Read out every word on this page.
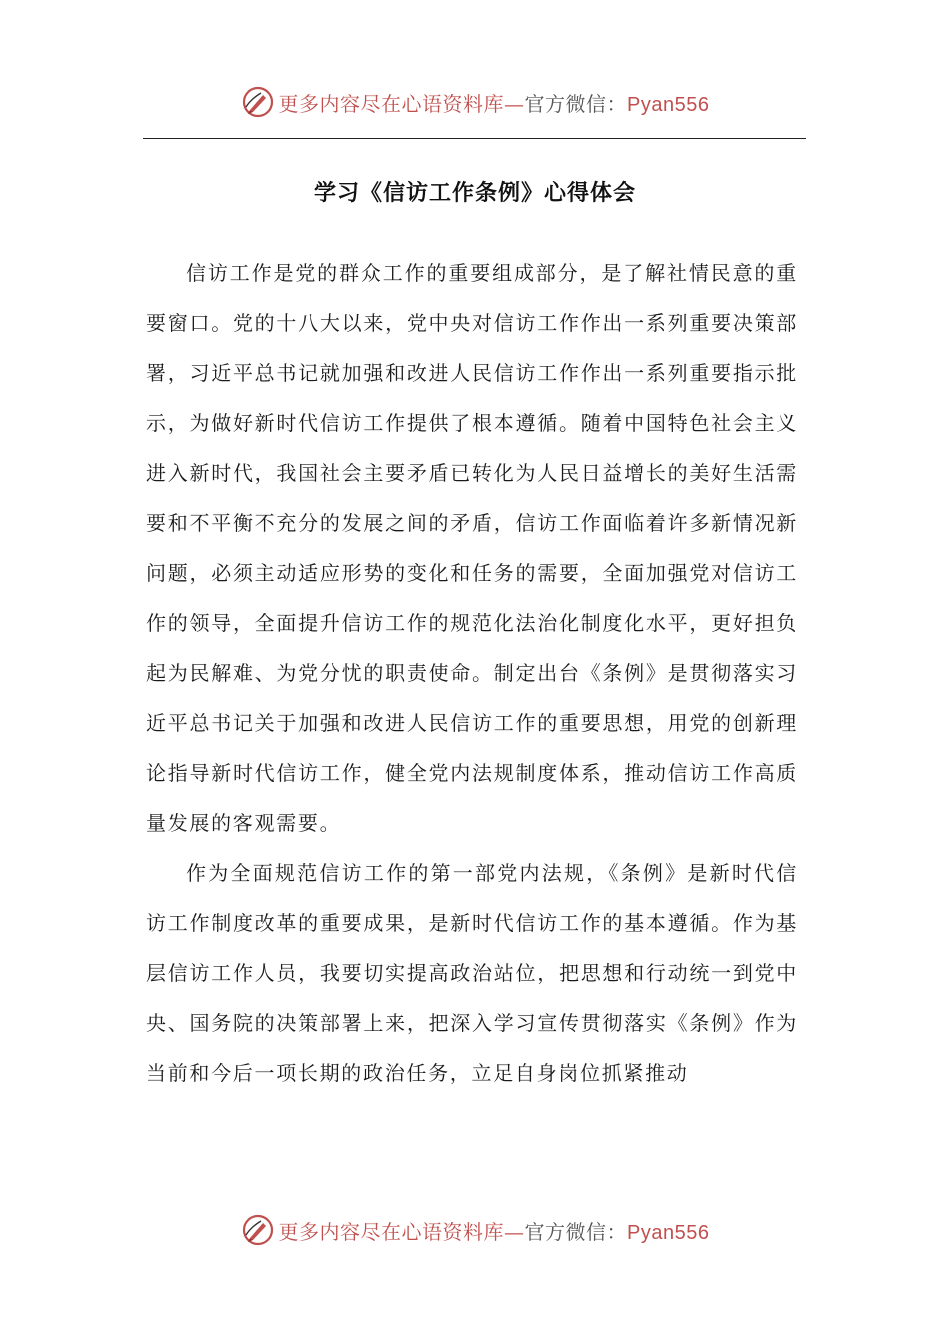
更多内容尽在心语资料库—官方微信：Pyan556
学习《信访工作条例》心得体会

信访工作是党的群众工作的重要组成部分，是了解社情民意的重要窗口。党的十八大以来，党中央对信访工作作出一系列重要决策部署，习近平总书记就加强和改进人民信访工作作出一系列重要指示批示，为做好新时代信访工作提供了根本遵循。随着中国特色社会主义进入新时代，我国社会主要矛盾已转化为人民日益增长的美好生活需要和不平衡不充分的发展之间的矛盾，信访工作面临着许多新情况新问题，必须主动适应形势的变化和任务的需要，全面加强党对信访工作的领导，全面提升信访工作的规范化法治化制度化水平，更好担负起为民解难、为党分忧的职责使命。制定出台《条例》是贯彻落实习近平总书记关于加强和改进人民信访工作的重要思想，用党的创新理论指导新时代信访工作，健全党内法规制度体系，推动信访工作高质量发展的客观需要。

作为全面规范信访工作的第一部党内法规，《条例》是新时代信访工作制度改革的重要成果，是新时代信访工作的基本遵循。作为基层信访工作人员，我要切实提高政治站位，把思想和行动统一到党中央、国务院的决策部署上来，把深入学习宣传贯彻落实《条例》作为当前和今后一项长期的政治任务，立足自身岗位抓紧推动

更多内容尽在心语资料库—官方微信：Pyan556
